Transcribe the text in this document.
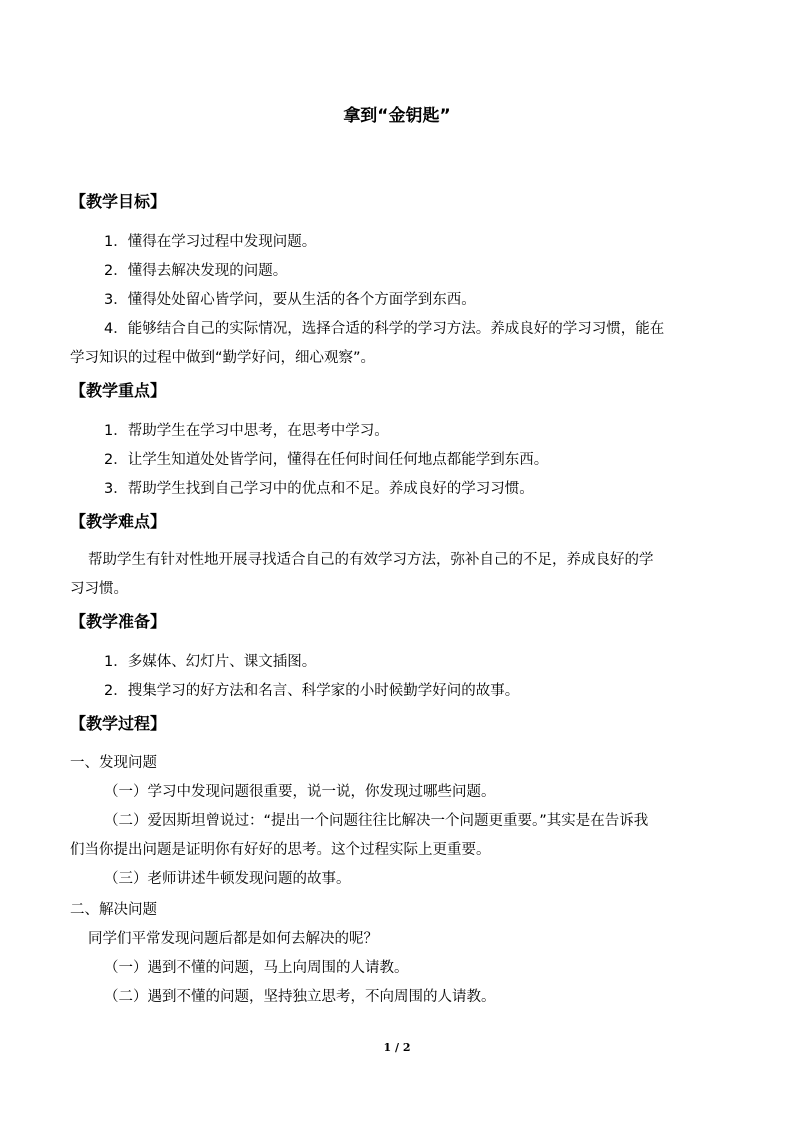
拿到“金钥匙”
【教学目标】
1．懂得在学习过程中发现问题。
2．懂得去解决发现的问题。
3．懂得处处留心皆学问，要从生活的各个方面学到东西。
4．能够结合自己的实际情况，选择合适的科学的学习方法。养成良好的学习习惯，能在
学习知识的过程中做到“勤学好问，细心观察”。
【教学重点】
1．帮助学生在学习中思考，在思考中学习。
2．让学生知道处处皆学问，懂得在任何时间任何地点都能学到东西。
3．帮助学生找到自己学习中的优点和不足。养成良好的学习习惯。
【教学难点】
帮助学生有针对性地开展寻找适合自己的有效学习方法，弥补自己的不足，养成良好的学
习习惯。
【教学准备】
1．多媒体、幻灯片、课文插图。
2．搜集学习的好方法和名言、科学家的小时候勤学好问的故事。
【教学过程】
一、发现问题
（一）学习中发现问题很重要，说一说，你发现过哪些问题。
（二）爱因斯坦曾说过：“提出一个问题往往比解决一个问题更重要。”其实是在告诉我
们当你提出问题是证明你有好好的思考。这个过程实际上更重要。
（三）老师讲述牛顿发现问题的故事。
二、解决问题
同学们平常发现问题后都是如何去解决的呢？
（一）遇到不懂的问题，马上向周围的人请教。
（二）遇到不懂的问题，坚持独立思考，不向周围的人请教。
1 / 2
